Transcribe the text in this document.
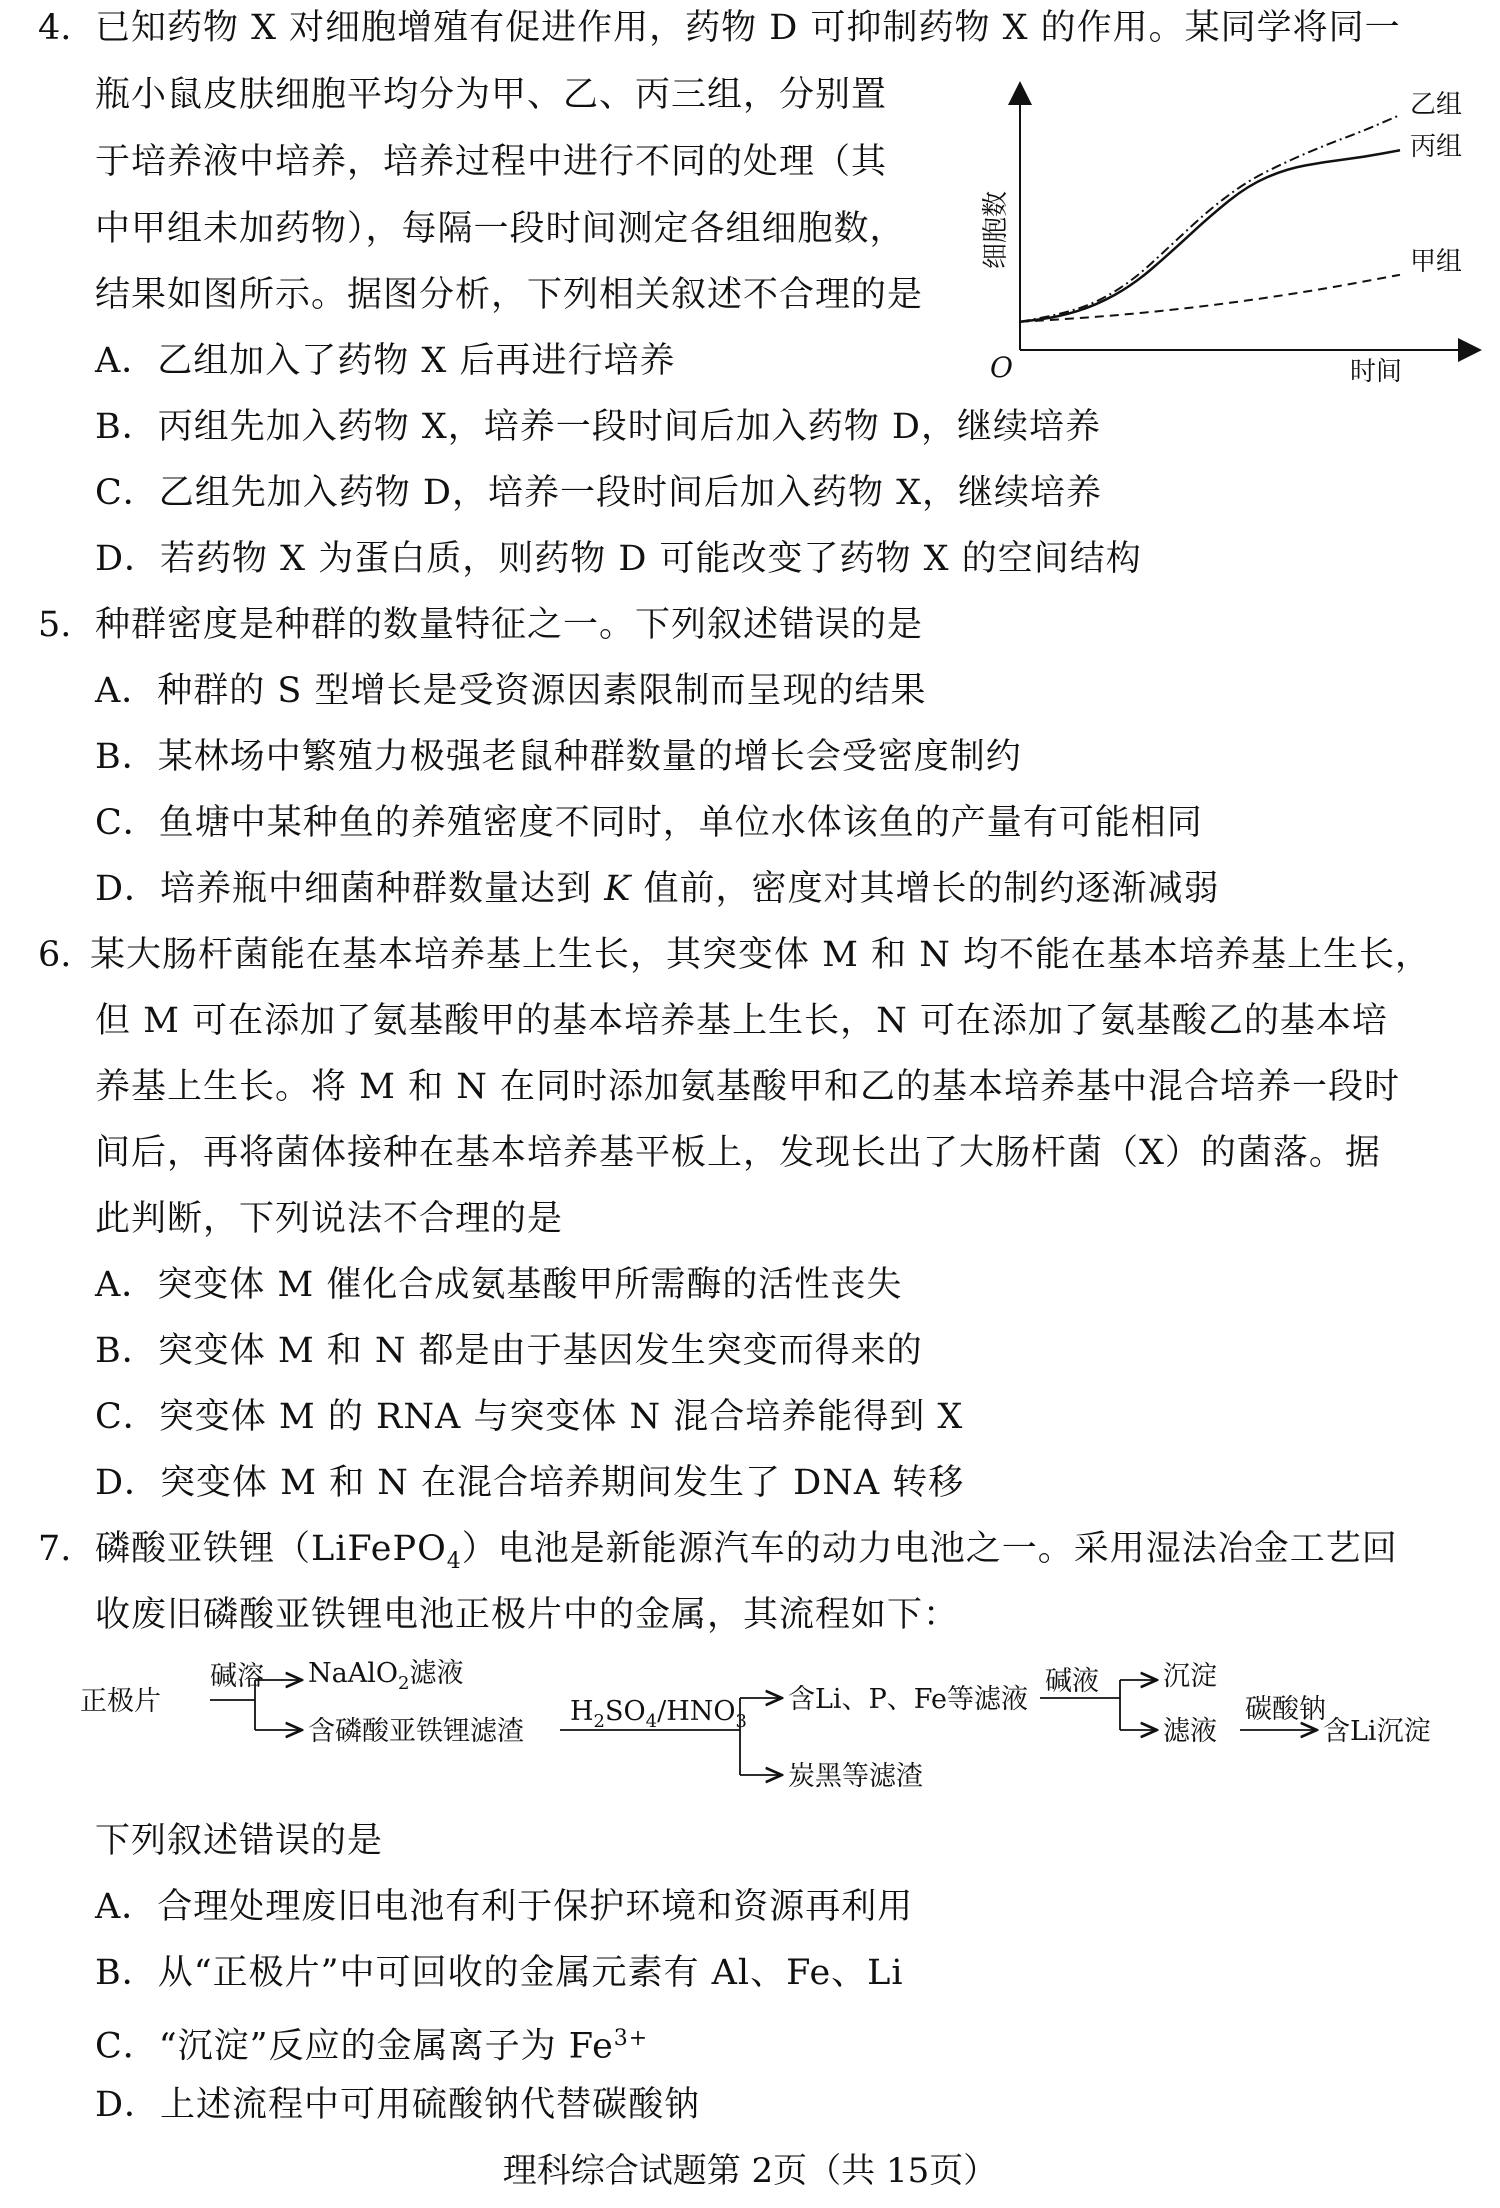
4. 已知药物 X 对细胞增殖有促进作用，药物 D 可抑制药物 X 的作用。某同学将同一
瓶小鼠皮肤细胞平均分为甲、乙、丙三组，分别置
于培养液中培养，培养过程中进行不同的处理（其
中甲组未加药物），每隔一段时间测定各组细胞数，
结果如图所示。据图分析，下列相关叙述不合理的是
细胞数
时间
O
乙组
丙组
甲组
A．乙组加入了药物 X 后再进行培养
B．丙组先加入药物 X，培养一段时间后加入药物 D，继续培养
C．乙组先加入药物 D，培养一段时间后加入药物 X，继续培养
D．若药物 X 为蛋白质，则药物 D 可能改变了药物 X 的空间结构
5. 种群密度是种群的数量特征之一。下列叙述错误的是
A．种群的 S 型增长是受资源因素限制而呈现的结果
B．某林场中繁殖力极强老鼠种群数量的增长会受密度制约
C．鱼塘中某种鱼的养殖密度不同时，单位水体该鱼的产量有可能相同
D．培养瓶中细菌种群数量达到 K 值前，密度对其增长的制约逐渐减弱
6. 某大肠杆菌能在基本培养基上生长，其突变体 M 和 N 均不能在基本培养基上生长，
但 M 可在添加了氨基酸甲的基本培养基上生长，N 可在添加了氨基酸乙的基本培
养基上生长。将 M 和 N 在同时添加氨基酸甲和乙的基本培养基中混合培养一段时
间后，再将菌体接种在基本培养基平板上，发现长出了大肠杆菌（X）的菌落。据
此判断，下列说法不合理的是
A．突变体 M 催化合成氨基酸甲所需酶的活性丧失
B．突变体 M 和 N 都是由于基因发生突变而得来的
C．突变体 M 的 RNA 与突变体 N 混合培养能得到 X
D．突变体 M 和 N 在混合培养期间发生了 DNA 转移
7. 磷酸亚铁锂（LiFePO$_4$）电池是新能源汽车的动力电池之一。采用湿法冶金工艺回
收废旧磷酸亚铁锂电池正极片中的金属，其流程如下：
正极片
碱溶 NaAlO$_2$滤液
含磷酸亚铁锂滤渣
$H_2SO_4/HNO_3$
含Li、P、Fe等滤液
炭黑等滤渣
碱液 沉淀
滤液
碳酸钠
含Li沉淀
下列叙述错误的是
A．合理处理废旧电池有利于保护环境和资源再利用
B．从“正极片”中可回收的金属元素有 Al、Fe、Li
C．“沉淀”反应的金属离子为 $Fe^{3+}$
D．上述流程中可用硫酸钠代替碳酸钠
理科综合试题第 2页（共 15页）
